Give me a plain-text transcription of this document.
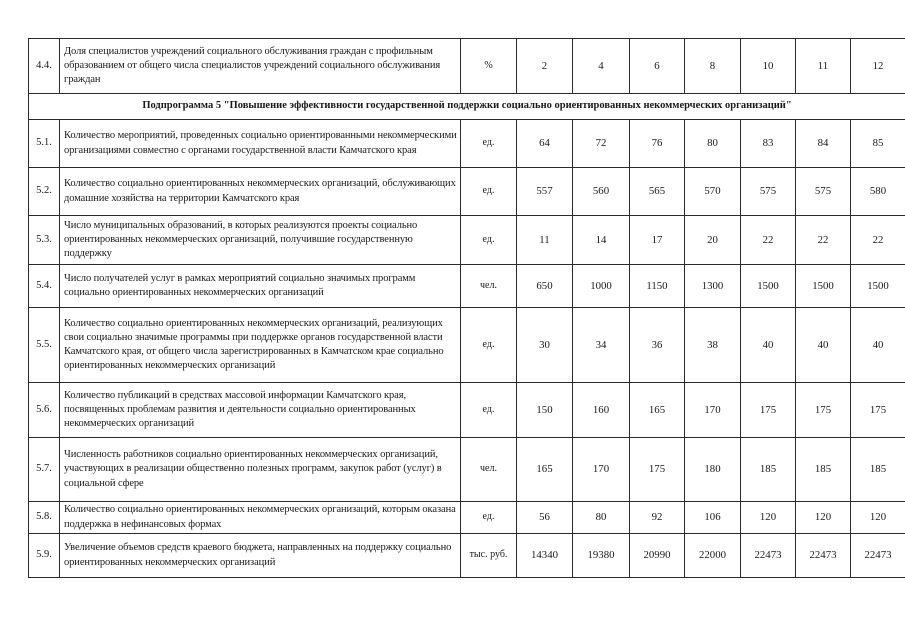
4.4.	Доля специалистов учреждений социального обслуживания граждан с профильным образованием от общего числа специалистов учреждений социального обслуживания граждан	%	2	4	6	8	10	11	12
Подпрограмма 5 "Повышение эффективности государственной поддержки социально ориентированных некоммерческих организаций"									
5.1.	Количество мероприятий, проведенных социально ориентированными некоммерческими организациями совместно с органами государственной власти Камчатского края	ед.	64	72	76	80	83	84	85
5.2.	Количество социально ориентированных некоммерческих организаций, обслуживающих домашние хозяйства на территории Камчатского края	ед.	557	560	565	570	575	575	580
5.3.	Число муниципальных образований, в которых реализуются проекты социально ориентированных некоммерческих организаций, получившие государственную поддержку	ед.	11	14	17	20	22	22	22
5.4.	Число получателей услуг в рамках мероприятий социально значимых программ социально ориентированных некоммерческих организаций	чел.	650	1000	1150	1300	1500	1500	1500
5.5.	Количество социально ориентированных некоммерческих организаций, реализующих свои социально значимые программы при поддержке органов государственной власти Камчатского края, от общего числа зарегистрированных в Камчатском крае социально ориентированных некоммерческих организаций	ед.	30	34	36	38	40	40	40
5.6.	Количество публикаций в средствах массовой информации Камчатского края, посвященных проблемам развития и деятельности социально ориентированных некоммерческих организаций	ед.	150	160	165	170	175	175	175
5.7.	Численность работников социально ориентированных некоммерческих организаций, участвующих в реализации общественно полезных программ, закупок работ (услуг) в социальной сфере	чел.	165	170	175	180	185	185	185
5.8.	Количество социально ориентированных некоммерческих организаций, которым оказана поддержка в нефинансовых формах	ед.	56	80	92	106	120	120	120
5.9.	Увеличение объемов средств краевого бюджета, направленных на поддержку социально ориентированных некоммерческих организаций	тыс. руб.	14340	19380	20990	22000	22473	22473	22473
